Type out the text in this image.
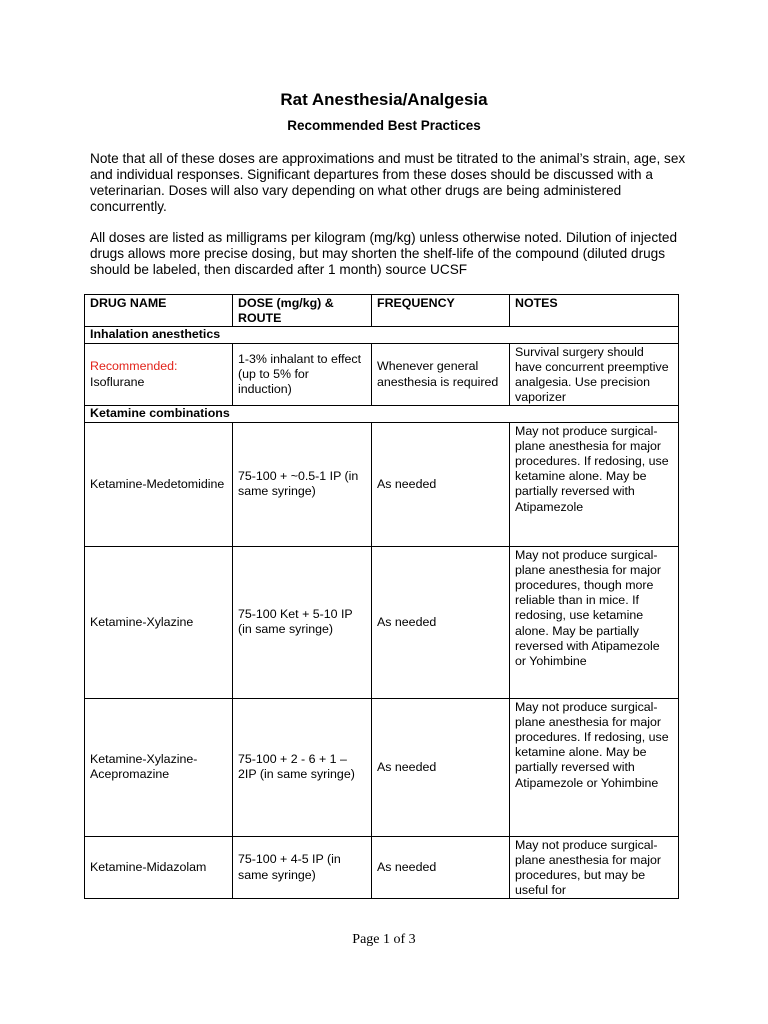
Rat Anesthesia/Analgesia
Recommended Best Practices

Note that all of these doses are approximations and must be titrated to the animal’s strain, age, sex and individual responses. Significant departures from these doses should be discussed with a veterinarian. Doses will also vary depending on what other drugs are being administered concurrently.

All doses are listed as milligrams per kilogram (mg/kg) unless otherwise noted. Dilution of injected drugs allows more precise dosing, but may shorten the shelf-life of the compound (diluted drugs should be labeled, then discarded after 1 month) source UCSF

DRUG NAME	DOSE (mg/kg) & ROUTE	FREQUENCY	NOTES
Inhalation anesthetics			

Recommended:
Isoflurane	1-3% inhalant to effect (up to 5% for induction)	Whenever general anesthesia is required	Survival surgery should have concurrent preemptive analgesia. Use precision vaporizer
Ketamine combinations			
Ketamine-Medetomidine	75-100 + ~0.5-1 IP (in same syringe)	As needed	May not produce surgical-plane anesthesia for major procedures. If redosing, use ketamine alone. May be partially reversed with Atipamezole
Ketamine-Xylazine	75-100 Ket + 5-10 IP (in same syringe)	As needed	May not produce surgical-plane anesthesia for major procedures, though more reliable than in mice. If redosing, use ketamine alone. May be partially reversed with Atipamezole or Yohimbine
Ketamine-Xylazine-Acepromazine	75-100 + 2 - 6 + 1 – 2IP (in same syringe)	As needed	May not produce surgical-plane anesthesia for major procedures. If redosing, use ketamine alone. May be partially reversed with Atipamezole or Yohimbine
Ketamine-Midazolam	75-100 + 4-5 IP (in same syringe)	As needed	May not produce surgical-plane anesthesia for major procedures, but may be useful for
Page 1 of 3
